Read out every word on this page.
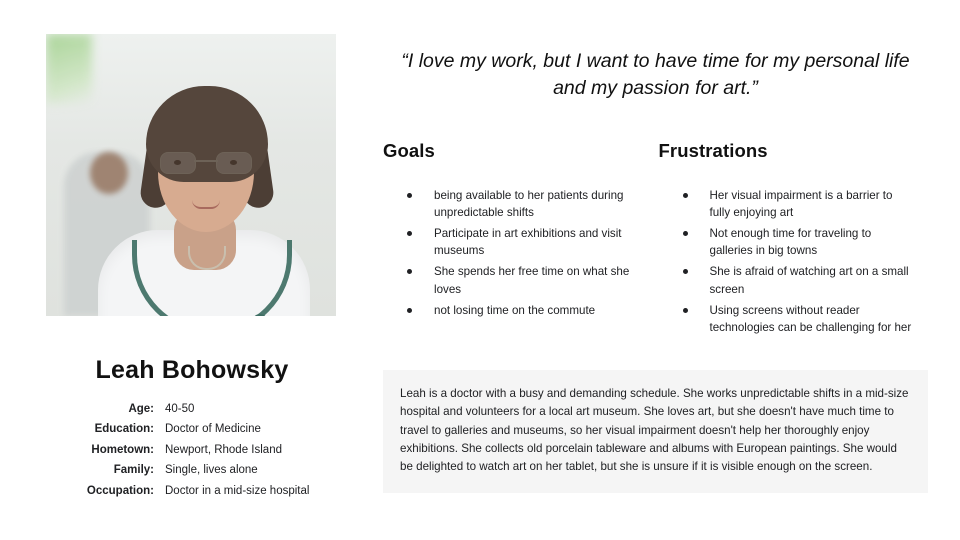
Leah Bohowsky
Age:	40-50
Education:	Doctor of Medicine
Hometown:	Newport, Rhode Island
Family:	Single, lives alone
Occupation:	Doctor in a mid-size hospital
“I love my work, but I want to have time for my personal life and my passion for art.”
Goals
being available to her patients during unpredictable shifts
Participate in art exhibitions and visit museums
She spends her free time on what she loves
not losing time on the commute
Frustrations
Her visual impairment is a barrier to fully enjoying art
Not enough time for traveling to galleries in big towns
She is afraid of watching art on a small screen
Using screens without reader technologies can be challenging for her
Leah is a doctor with a busy and demanding schedule. She works unpredictable shifts in a mid-size hospital and volunteers for a local art museum. She loves art, but she doesn't have much time to travel to galleries and museums, so her visual impairment doesn't help her thoroughly enjoy exhibitions. She collects old porcelain tableware and albums with European paintings. She would be delighted to watch art on her tablet, but she is unsure if it is visible enough on the screen.
